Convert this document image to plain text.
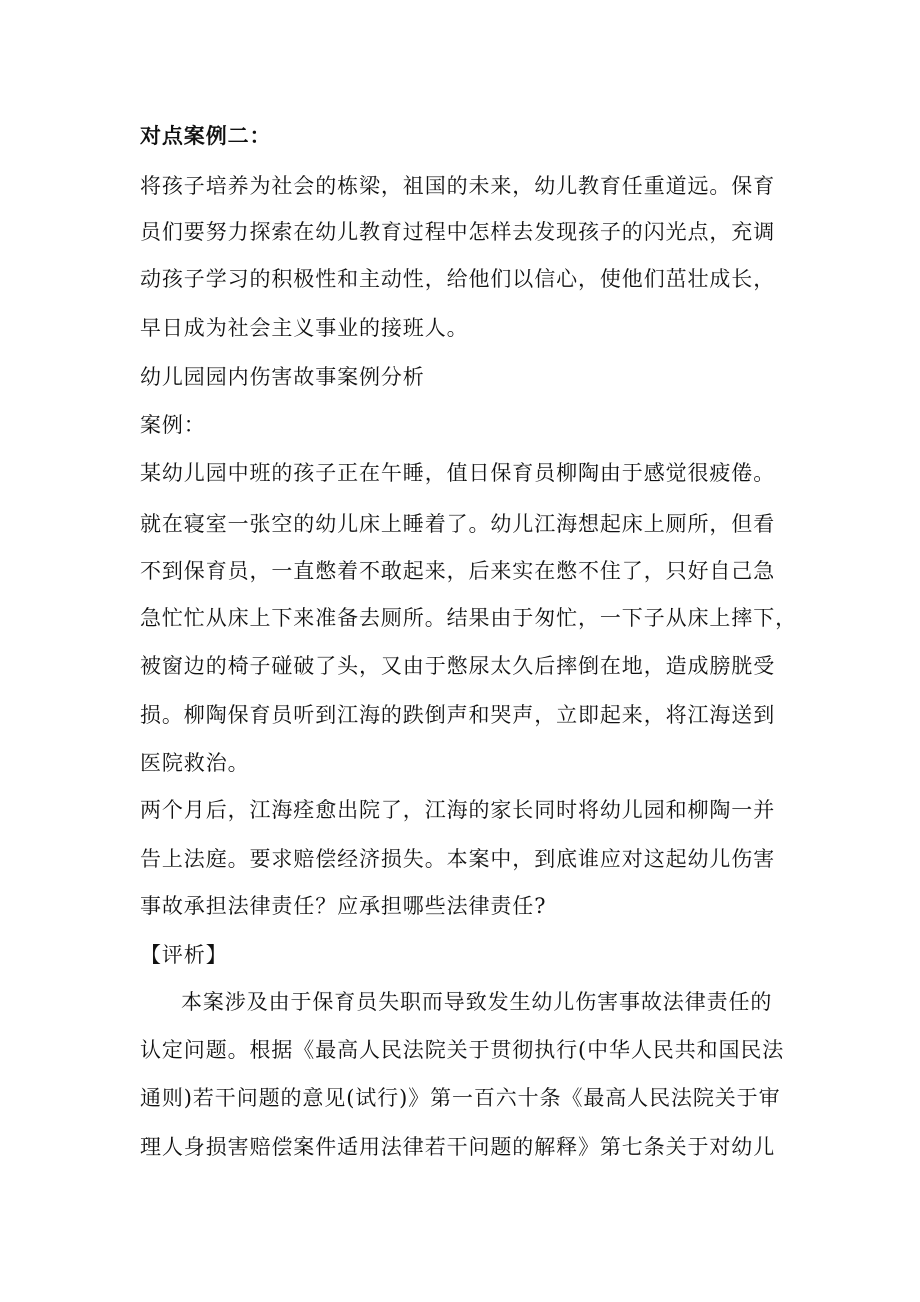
对点案例二：
将孩子培养为社会的栋梁，祖国的未来，幼儿教育任重道远。保育
员们要努力探索在幼儿教育过程中怎样去发现孩子的闪光点，充调
动孩子学习的积极性和主动性，给他们以信心，使他们茁壮成长，
早日成为社会主义事业的接班人。
幼儿园园内伤害故事案例分析
案例：
某幼儿园中班的孩子正在午睡，值日保育员柳陶由于感觉很疲倦。
就在寝室一张空的幼儿床上睡着了。幼儿江海想起床上厕所，但看
不到保育员，一直憋着不敢起来，后来实在憋不住了，只好自己急
急忙忙从床上下来准备去厕所。结果由于匆忙，一下子从床上摔下，
被窗边的椅子碰破了头，又由于憋尿太久后摔倒在地，造成膀胱受
损。柳陶保育员听到江海的跌倒声和哭声，立即起来，将江海送到
医院救治。
两个月后，江海痊愈出院了，江海的家长同时将幼儿园和柳陶一并
告上法庭。要求赔偿经济损失。本案中，到底谁应对这起幼儿伤害
事故承担法律责任？应承担哪些法律责任?
【评析】
本案涉及由于保育员失职而导致发生幼儿伤害事故法律责任的
认定问题。根据《最高人民法院关于贯彻执行(中华人民共和国民法
通则)若干问题的意见(试行)》第一百六十条《最高人民法院关于审
理人身损害赔偿案件适用法律若干问题的解释》第七条关于对幼儿
